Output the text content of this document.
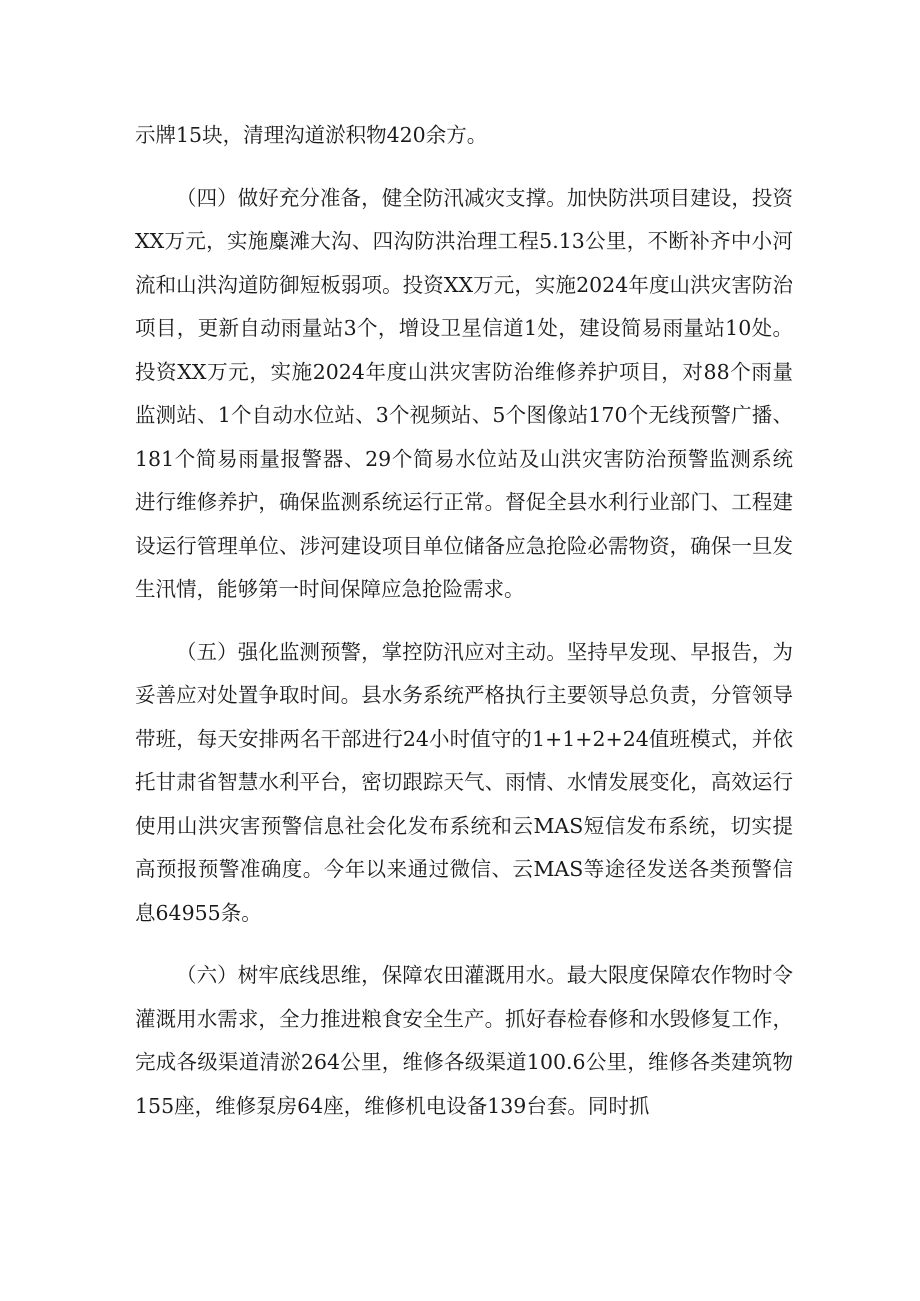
示牌15块，清理沟道淤积物420余方。

（四）做好充分准备，健全防汛减灾支撑。加快防洪项目建设，投资XX万元，实施麋滩大沟、四沟防洪治理工程5.13公里，不断补齐中小河流和山洪沟道防御短板弱项。投资XX万元，实施2024年度山洪灾害防治项目，更新自动雨量站3个，增设卫星信道1处，建设简易雨量站10处。投资XX万元，实施2024年度山洪灾害防治维修养护项目，对88个雨量监测站、1个自动水位站、3个视频站、5个图像站170个无线预警广播、181个简易雨量报警器、29个简易水位站及山洪灾害防治预警监测系统进行维修养护，确保监测系统运行正常。督促全县水利行业部门、工程建设运行管理单位、涉河建设项目单位储备应急抢险必需物资，确保一旦发生汛情，能够第一时间保障应急抢险需求。

（五）强化监测预警，掌控防汛应对主动。坚持早发现、早报告，为妥善应对处置争取时间。县水务系统严格执行主要领导总负责，分管领导带班，每天安排两名干部进行24小时值守的1+1+2+24值班模式，并依托甘肃省智慧水利平台，密切跟踪天气、雨情、水情发展变化，高效运行使用山洪灾害预警信息社会化发布系统和云MAS短信发布系统，切实提高预报预警准确度。今年以来通过微信、云MAS等途径发送各类预警信息64955条。

（六）树牢底线思维，保障农田灌溉用水。最大限度保障农作物时令灌溉用水需求，全力推进粮食安全生产。抓好春检春修和水毁修复工作，完成各级渠道清淤264公里，维修各级渠道100.6公里，维修各类建筑物155座，维修泵房64座，维修机电设备139台套。同时抓
